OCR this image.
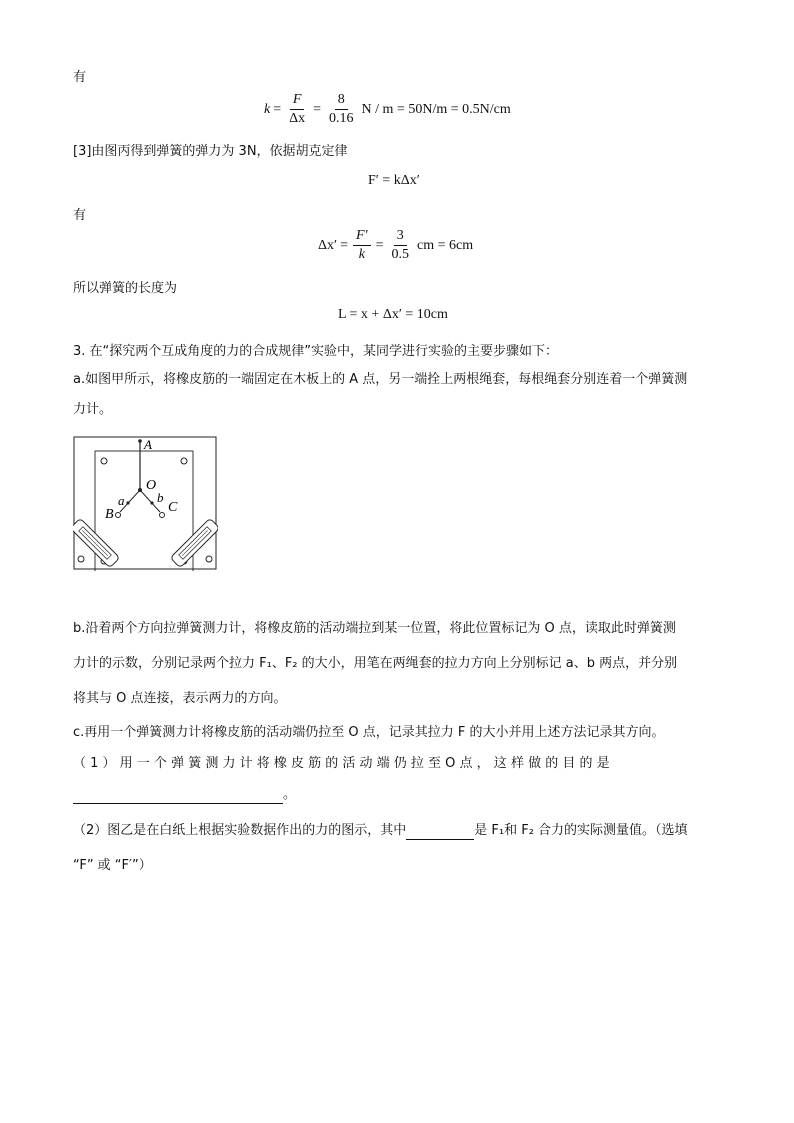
有
$k = \frac{F}{\Delta x} = \frac{8}{0.16}$ N / m = 50N/m = 0.5N/cm
[3]由图丙得到弹簧的弹力为 3N，依据胡克定律
F′ = kΔx′
有
$\Delta x' = \frac{F'}{k} = \frac{3}{0.5}$ cm = 6cm
所以弹簧的长度为
L = x + Δx′ = 10cm
3. 在“探究两个互成角度的力的合成规律”实验中，某同学进行实验的主要步骤如下：
a.如图甲所示，将橡皮筋的一端固定在木板上的 A 点，另一端拴上两根绳套，每根绳套分别连着一个弹簧测
力计。
A
O
a	b
B	C
b.沿着两个方向拉弹簧测力计，将橡皮筋的活动端拉到某一位置，将此位置标记为 O 点，读取此时弹簧测
力计的示数，分别记录两个拉力 F₁、F₂ 的大小，用笔在两绳套的拉力方向上分别标记 a、b 两点，并分别
将其与 O 点连接，表示两力的方向。
c.再用一个弹簧测力计将橡皮筋的活动端仍拉至 O 点，记录其拉力 F 的大小并用上述方法记录其方向。
（ 1 ） 用 一 个 弹 簧 测 力 计 将 橡 皮 筋 的 活 动 端 仍 拉 至 O 点 ， 这 样 做 的 目 的 是
。
（2）图乙是在白纸上根据实验数据作出的力的图示，其中	是 F₁和 F₂ 合力的实际测量值。（选填
“F” 或 “F′”）
